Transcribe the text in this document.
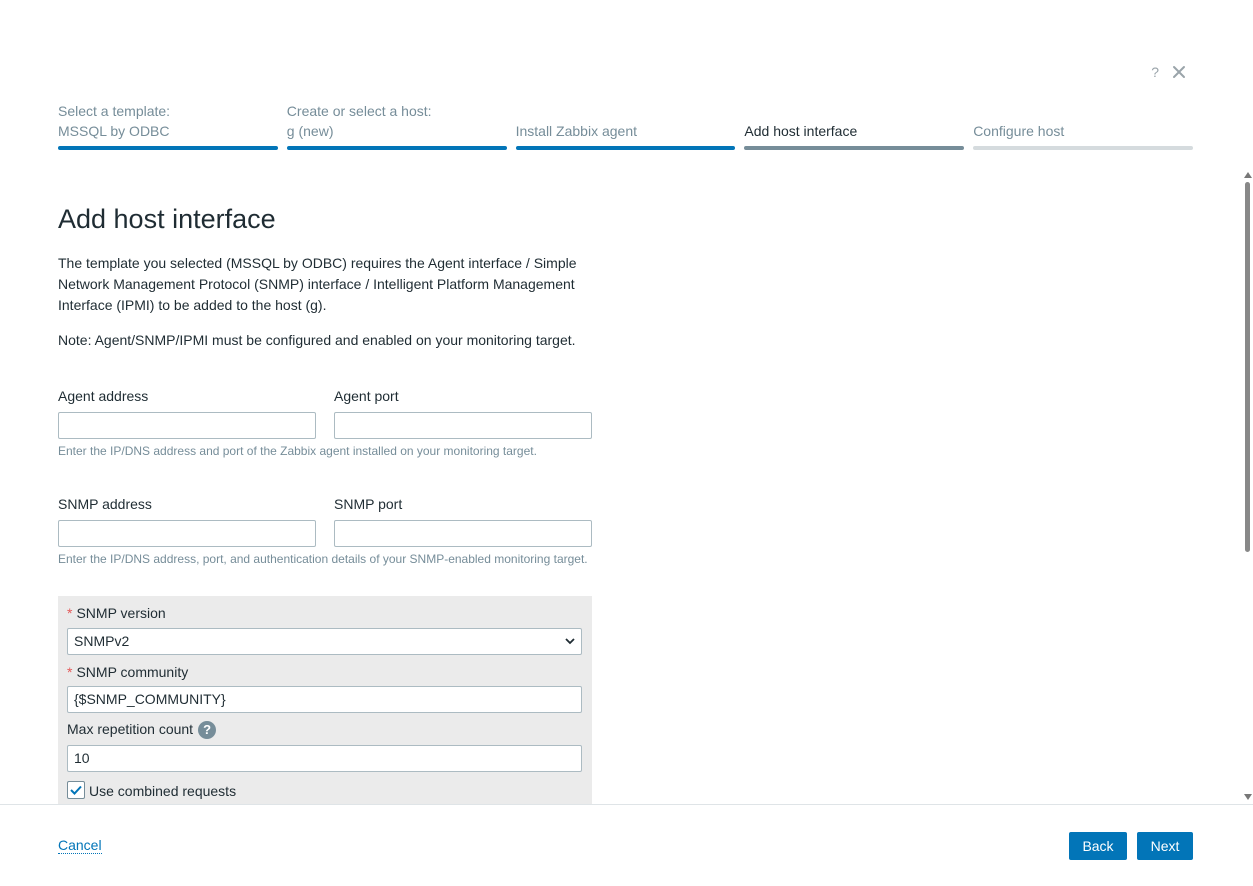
?
Select a template:
MSSQL by ODBC
Create or select a host:
g (new)
	Install Zabbix agent
	Add host interface
	Configure host
Add host interface

The template you selected (MSSQL by ODBC) requires the Agent interface / Simple Network Management Protocol (SNMP) interface / Intelligent Platform Management Interface (IPMI) to be added to the host (g).

Note: Agent/SNMP/IPMI must be configured and enabled on your monitoring target.

Agent address	Agent port
Enter the IP/DNS address and port of the Zabbix agent installed on your monitoring target.
SNMP address	SNMP port
Enter the IP/DNS address, port, and authentication details of your SNMP-enabled monitoring target.
* SNMP version
SNMPv2
* SNMP community
{$SNMP_COMMUNITY}
Max repetition count ?
10
Use combined requests
Cancel	Back	Next
